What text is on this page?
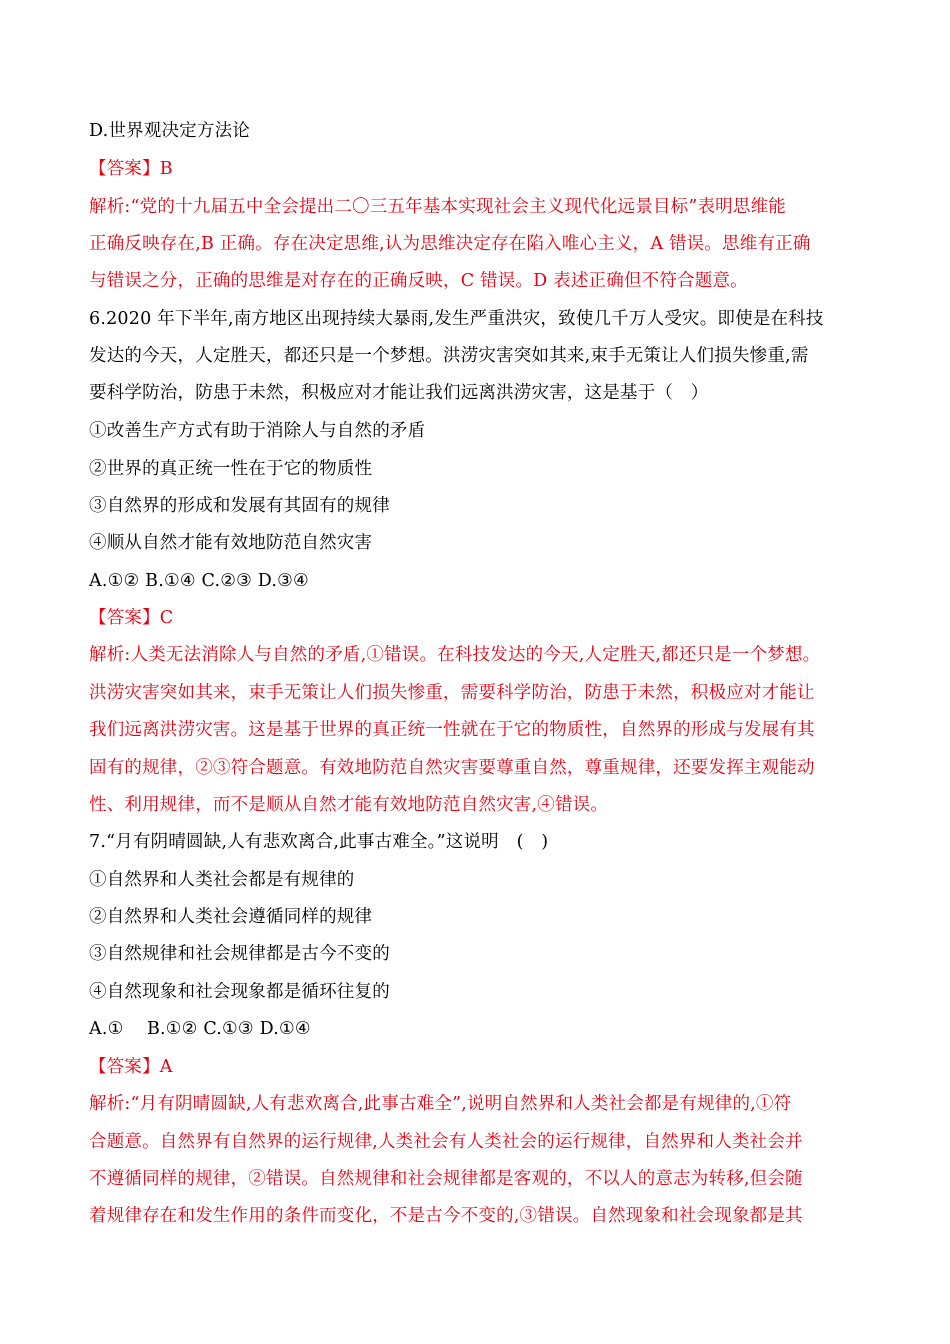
D.世界观决定方法论
【答案】B
解析:“党的十九届五中全会提出二〇三五年基本实现社会主义现代化远景目标”表明思维能
正确反映存在,B 正确。存在决定思维,认为思维决定存在陷入唯心主义，A 错误。思维有正确
与错误之分，正确的思维是对存在的正确反映，C 错误。D 表述正确但不符合题意。
6.2020 年下半年,南方地区出现持续大暴雨,发生严重洪灾，致使几千万人受灾。即使是在科技
发达的今天，人定胜天，都还只是一个梦想。洪涝灾害突如其来,束手无策让人们损失惨重,需
要科学防治，防患于未然，积极应对才能让我们远离洪涝灾害，这是基于（　）
①改善生产方式有助于消除人与自然的矛盾
②世界的真正统一性在于它的物质性
③自然界的形成和发展有其固有的规律
④顺从自然才能有效地防范自然灾害
A.①② B.①④ C.②③ D.③④
【答案】C
解析:人类无法消除人与自然的矛盾,①错误。在科技发达的今天,人定胜天,都还只是一个梦想。
洪涝灾害突如其来，束手无策让人们损失惨重，需要科学防治，防患于未然，积极应对才能让
我们远离洪涝灾害。这是基于世界的真正统一性就在于它的物质性，自然界的形成与发展有其
固有的规律，②③符合题意。有效地防范自然灾害要尊重自然，尊重规律，还要发挥主观能动
性、利用规律，而不是顺从自然才能有效地防范自然灾害,④错误。
7.“月有阴晴圆缺,人有悲欢离合,此事古难全。”这说明　(　)
①自然界和人类社会都是有规律的
②自然界和人类社会遵循同样的规律
③自然规律和社会规律都是古今不变的
④自然现象和社会现象都是循环往复的
A.①　 B.①② C.①③ D.①④
【答案】A
解析:“月有阴晴圆缺,人有悲欢离合,此事古难全”,说明自然界和人类社会都是有规律的,①符
合题意。自然界有自然界的运行规律,人类社会有人类社会的运行规律，自然界和人类社会并
不遵循同样的规律，②错误。自然规律和社会规律都是客观的，不以人的意志为转移,但会随
着规律存在和发生作用的条件而变化，不是古今不变的,③错误。自然现象和社会现象都是其
